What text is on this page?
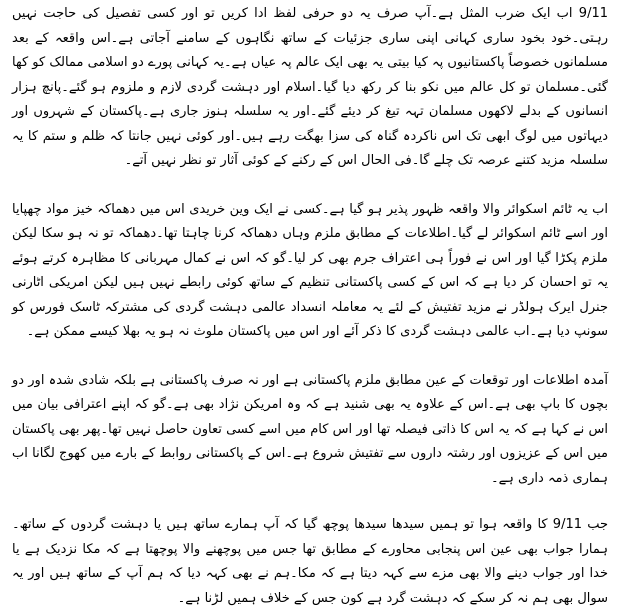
9/11 اب ایک ضرب المثل ہے۔آپ صرف یہ دو حرفی لفظ ادا کریں تو اور کسی تفصیل کی حاجت نہیں رہتی۔خود بخود ساری کہانی اپنی ساری جزئیات کے ساتھ نگاہوں کے سامنے آجاتی ہے۔اس واقعہ کے بعد مسلمانوں خصوصاً پاکستانیوں پہ کیا بیتی یہ بھی ایک عالم پہ عیاں ہے۔یہ کہانی پورے دو اسلامی ممالک کو کھا گئی۔مسلمان تو کل عالم میں نکو بنا کر رکھ دیا گیا۔اسلام اور دہشت گردی لازم و ملزوم ہو گئے۔پانچ ہزار انسانوں کے بدلے لاکھوں مسلمان تہہ تیغ کر دیئے گئے۔اور یہ سلسلہ ہنوز جاری ہے۔پاکستان کے شہروں اور دیہاتوں میں لوگ ابھی تک اس ناکردہ گناہ کی سزا بھگت رہے ہیں۔اور کوئی نہیں جانتا کہ ظلم و ستم کا یہ سلسلہ مزید کتنے عرصہ تک چلے گا۔فی الحال اس کے رکنے کے کوئی آثار تو نظر نہیں آتے۔

اب یہ ٹائم اسکوائر والا واقعہ ظہور پذیر ہو گیا ہے۔کسی نے ایک وین خریدی اس میں دھماکہ خیز مواد چھپایا اور اسے ٹائم اسکوائر لے گیا۔اطلاعات کے مطابق ملزم وہاں دھماکہ کرنا چاہتا تھا۔دھماکہ تو نہ ہو سکا لیکن ملزم پکڑا گیا اور اس نے فوراً ہی اعتراف جرم بھی کر لیا۔گو کہ اس نے کمال مہربانی کا مظاہرہ کرتے ہوئے یہ تو احسان کر دیا ہے کہ اس کے کسی پاکستانی تنظیم کے ساتھ کوئی رابطے نہیں ہیں لیکن امریکی اٹارنی جنرل ایرک ہولڈر نے مزید تفتیش کے لئے یہ معاملہ انسداد عالمی دہشت گردی کی مشترکہ ٹاسک فورس کو سونپ دیا ہے۔اب عالمی دہشت گردی کا ذکر آئے اور اس میں پاکستان ملوث نہ ہو یہ بھلا کیسے ممکن ہے۔

آمدہ اطلاعات اور توقعات کے عین مطابق ملزم پاکستانی ہے اور نہ صرف پاکستانی ہے بلکہ شادی شدہ اور دو بچوں کا باپ بھی ہے۔اس کے علاوہ یہ بھی شنید ہے کہ وہ امریکن نژاد بھی ہے۔گو کہ اپنے اعترافی بیان میں اس نے کہا ہے کہ یہ اس کا ذاتی فیصلہ تھا اور اس کام میں اسے کسی تعاون حاصل نہیں تھا۔پھر بھی پاکستان میں اس کے عزیزوں اور رشتہ داروں سے تفتیش شروع ہے۔اس کے پاکستانی روابط کے بارے میں کھوج لگانا اب ہماری ذمہ داری ہے۔

جب 9/11 کا واقعہ ہوا تو ہمیں سیدھا سیدھا پوچھ گیا کہ آپ ہمارے ساتھ ہیں یا دہشت گردوں کے ساتھ۔ہمارا جواب بھی عین اس پنجابی محاورے کے مطابق تھا جس میں پوچھنے والا پوچھتا ہے کہ مکا نزدیک ہے یا خدا اور جواب دینے والا بھی مزے سے کہہ دیتا ہے کہ مکا۔ہم نے بھی کہہ دیا کہ ہم آپ کے ساتھ ہیں اور یہ سوال بھی ہم نہ کر سکے کہ دہشت گرد ہے کون جس کے خلاف ہمیں لڑنا ہے۔
